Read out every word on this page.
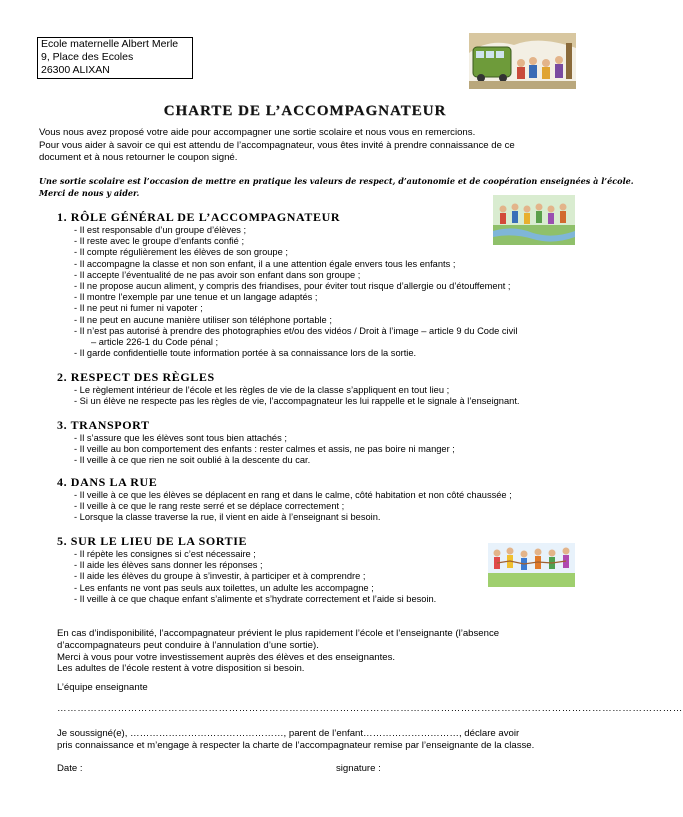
Ecole maternelle Albert Merle
9, Place des Ecoles
26300 ALIXAN
CHARTE DE L’ACCOMPAGNATEUR
Vous nous avez proposé votre aide pour accompagner une sortie scolaire et nous vous en remercions.
Pour vous aider à savoir ce qui est attendu de l’accompagnateur, vous êtes invité à prendre connaissance de ce
document et à nous retourner le coupon signé.
Une sortie scolaire est l’occasion de mettre en pratique les valeurs de respect, d’autonomie et de coopération enseignées à l’école.
Merci de nous y aider.
1. RÔLE GÉNÉRAL DE L’ACCOMPAGNATEUR
- Il est responsable d’un groupe d’élèves ;
- Il reste avec le groupe d’enfants confié ;
- Il compte régulièrement les élèves de son groupe ;
- Il accompagne la classe et non son enfant, il a une attention égale envers tous les enfants ;
- Il accepte l’éventualité de ne pas avoir son enfant dans son groupe ;
- Il ne propose aucun aliment, y compris des friandises, pour éviter tout risque d’allergie ou d’étouffement ;
- Il montre l’exemple par une tenue et un langage adaptés ;
- Il ne peut ni fumer ni vapoter ;
- Il ne peut en aucune manière utiliser son téléphone portable ;
- Il n’est pas autorisé à prendre des photographies et/ou des vidéos / Droit à l’image – article 9 du Code civil
– article 226-1 du Code pénal ;
- Il garde confidentielle toute information portée à sa connaissance lors de la sortie.
2. RESPECT DES RÈGLES
- Le règlement intérieur de l’école et les règles de vie de la classe s’appliquent en tout lieu ;
- Si un élève ne respecte pas les règles de vie, l’accompagnateur les lui rappelle et le signale à l’enseignant.
3. TRANSPORT
- Il s’assure que les élèves sont tous bien attachés ;
- Il veille au bon comportement des enfants : rester calmes et assis, ne pas boire ni manger ;
- Il veille à ce que rien ne soit oublié à la descente du car.
4. DANS LA RUE
- Il veille à ce que les élèves se déplacent en rang et dans le calme, côté habitation et non côté chaussée ;
- Il veille à ce que le rang reste serré et se déplace correctement ;
- Lorsque la classe traverse la rue, il vient en aide à l’enseignant si besoin.
5. SUR LE LIEU DE LA SORTIE
- Il répète les consignes si c’est nécessaire ;
- Il aide les élèves sans donner les réponses ;
- Il aide les élèves du groupe à s’investir, à participer et à comprendre ;
- Les enfants ne vont pas seuls aux toilettes, un adulte les accompagne ;
- Il veille à ce que chaque enfant s’alimente et s’hydrate correctement et l’aide si besoin.
En cas d’indisponibilité, l’accompagnateur prévient le plus rapidement l’école et l’enseignante (l’absence
d’accompagnateurs peut conduire à l’annulation d’une sortie).
Merci à vous pour votre investissement auprès des élèves et des enseignantes.
Les adultes de l’école restent à votre disposition si besoin.
L’équipe enseignante
……………………………………………………………………………………………………………………………………………………………………
Je soussigné(e), …………………………………………, parent de l’enfant…………………………, déclare avoir
pris connaissance et m’engage à respecter la charte de l’accompagnateur remise par l’enseignante de la classe.
Date :	signature :
